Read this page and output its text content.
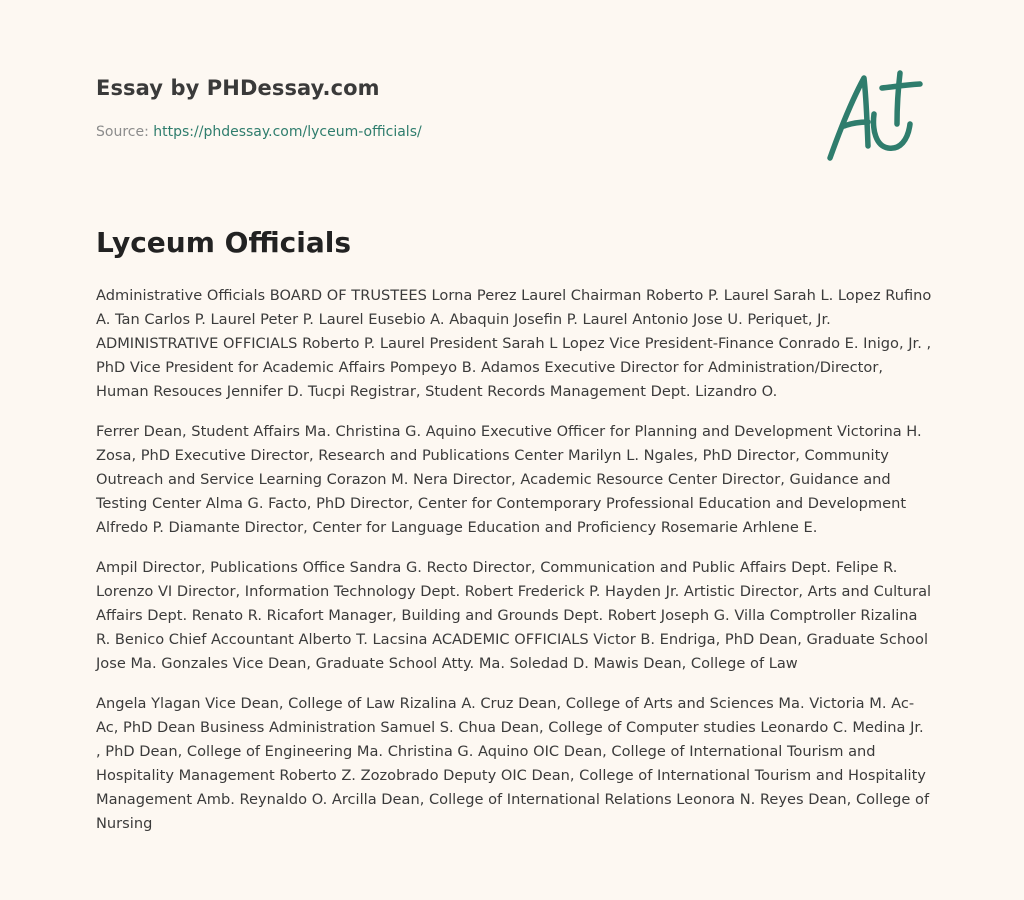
Essay by PHDessay.com
Source: https://phdessay.com/lyceum-officials/
Lyceum Officials

Administrative Officials BOARD OF TRUSTEES Lorna Perez Laurel Chairman Roberto P. Laurel Sarah L. Lopez Rufino A. Tan Carlos P. Laurel Peter P. Laurel Eusebio A. Abaquin Josefin P. Laurel Antonio Jose U. Periquet, Jr. ADMINISTRATIVE OFFICIALS Roberto P. Laurel President Sarah L Lopez Vice President-Finance Conrado E. Inigo, Jr. , PhD Vice President for Academic Affairs Pompeyo B. Adamos Executive Director for Administration/Director, Human Resouces Jennifer D. Tucpi Registrar, Student Records Management Dept. Lizandro O.

Ferrer Dean, Student Affairs Ma. Christina G. Aquino Executive Officer for Planning and Development Victorina H. Zosa, PhD Executive Director, Research and Publications Center Marilyn L. Ngales, PhD Director, Community Outreach and Service Learning Corazon M. Nera Director, Academic Resource Center Director, Guidance and Testing Center Alma G. Facto, PhD Director, Center for Contemporary Professional Education and Development Alfredo P. Diamante Director, Center for Language Education and Proficiency Rosemarie Arhlene E.

Ampil Director, Publications Office Sandra G. Recto Director, Communication and Public Affairs Dept. Felipe R. Lorenzo VI Director, Information Technology Dept. Robert Frederick P. Hayden Jr. Artistic Director, Arts and Cultural Affairs Dept. Renato R. Ricafort Manager, Building and Grounds Dept. Robert Joseph G. Villa Comptroller Rizalina R. Benico Chief Accountant Alberto T. Lacsina ACADEMIC OFFICIALS Victor B. Endriga, PhD Dean, Graduate School Jose Ma. Gonzales Vice Dean, Graduate School Atty. Ma. Soledad D. Mawis Dean, College of Law

Angela Ylagan Vice Dean, College of Law Rizalina A. Cruz Dean, College of Arts and Sciences Ma. Victoria M. Ac-Ac, PhD Dean Business Administration Samuel S. Chua Dean, College of Computer studies Leonardo C. Medina Jr. , PhD Dean, College of Engineering Ma. Christina G. Aquino OIC Dean, College of International Tourism and Hospitality Management Roberto Z. Zozobrado Deputy OIC Dean, College of International Tourism and Hospitality Management Amb. Reynaldo O. Arcilla Dean, College of International Relations Leonora N. Reyes Dean, College of Nursing
